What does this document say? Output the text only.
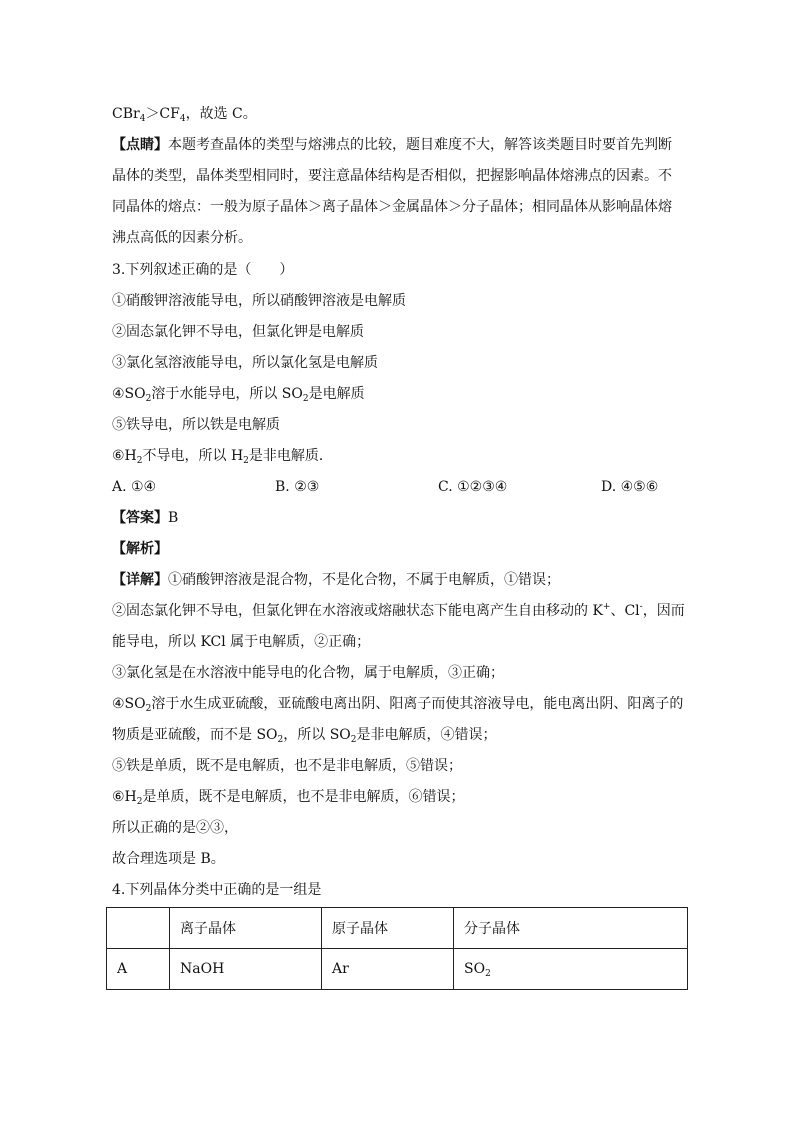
$CBr_4>CF_4$，故选 C。
【点睛】本题考查晶体的类型与熔沸点的比较，题目难度不大，解答该类题目时要首先判断
晶体的类型，晶体类型相同时，要注意晶体结构是否相似，把握影响晶体熔沸点的因素。不
同晶体的熔点：一般为原子晶体＞离子晶体＞金属晶体＞分子晶体；相同晶体从影响晶体熔
沸点高低的因素分析。
3.下列叙述正确的是（　　）
①硝酸钾溶液能导电，所以硝酸钾溶液是电解质
②固态氯化钾不导电，但氯化钾是电解质
③氯化氢溶液能导电，所以氯化氢是电解质
$④SO_2$溶于水能导电，所以 $SO_2$是电解质
⑤铁导电，所以铁是电解质
$⑥H_2$不导电，所以 $H_2$是非电解质．
A. ①④	B. ②③	C. ①②③④	D. ④⑤⑥
【答案】B
【解析】
【详解】①硝酸钾溶液是混合物，不是化合物，不属于电解质，①错误；
②固态氯化钾不导电，但氯化钾在水溶液或熔融状态下能电离产生自由移动的 K+、Cl-，因而
能导电，所以 KCl 属于电解质，②正确；
③氯化氢是在水溶液中能导电的化合物，属于电解质，③正确；
$④SO_2$溶于水生成亚硫酸，亚硫酸电离出阴、阳离子而使其溶液导电，能电离出阴、阳离子的
物质是亚硫酸，而不是 $SO_2$，所以 $SO_2$是非电解质，④错误；
⑤铁是单质，既不是电解质，也不是非电解质，⑤错误；
$⑥H_2$是单质，既不是电解质，也不是非电解质，⑥错误；
所以正确的是②③，
故合理选项是 B。
4.下列晶体分类中正确的是一组是
	离子晶体	原子晶体	分子晶体
A	NaOH	Ar	$SO_2$
